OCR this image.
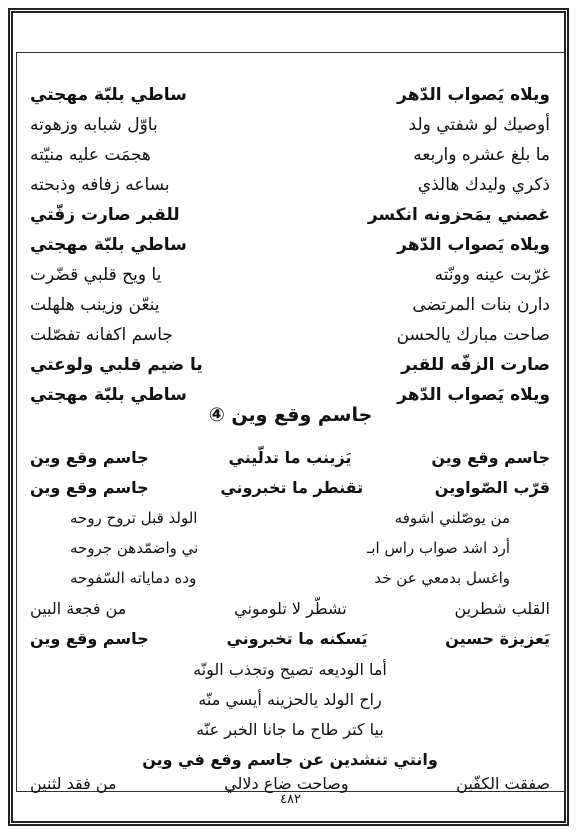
ويلاه يَصواب الدّهر
ساطي بلبّة مهجتي
أوصيك لو شفتي ولد
باوّل شبابه وزهوته
ما بلغ عشره واربعه
هجمَت عليه منيّته
ذكري وليدك هالذي
بساعه زفافه وذبحته
غصني يمَحزونه انكسر
للقبر صارت زفّتي
ويلاه يَصواب الدّهر
ساطي بلبّة مهجتي
غرّبت عينه وونّته
يا ويح قلبي قضّرت
دارن بنات المرتضى
ينعّن وزينب هلهلت
صاحت مبارك يالحسن
جاسم اكفانه تفصّلت
صارت الزفّه للقبر
يا ضيم قلبي ولوعتي
ويلاه يَصواب الدّهر
ساطي بلبّة مهجتي
جاسم وقع وين ④
جاسم وقع وين
يَزينب ما تدلّيني
جاسم وقع وين
قرّب الصّواوين
تقنطر ما تخبروني
جاسم وقع وين
من يوصّلني اشوفه
الولد قبل تروح روحه
أرد اشد صواب راس ابـ
ني واضمّدهن جروحه
واغسل بدمعي عن خد
وده دماياته السّفوحه
القلب شطرين
تشطّر لا تلوموني
من فجعة البين
يَعزيزة حسين
يَسكنه ما تخبروني
جاسم وقع وين
أما الوديعه تصيح وتجذب الونّه
راح الولد يالحزينه أيسي منّه
بيا كتر طاح ما جانا الخبر عنّه
وانتي تنشدين عن جاسم وقع في وين
صفقت الكفّين
وصاحت ضاع دلالي
من فقد لثنين
٤٨٢
